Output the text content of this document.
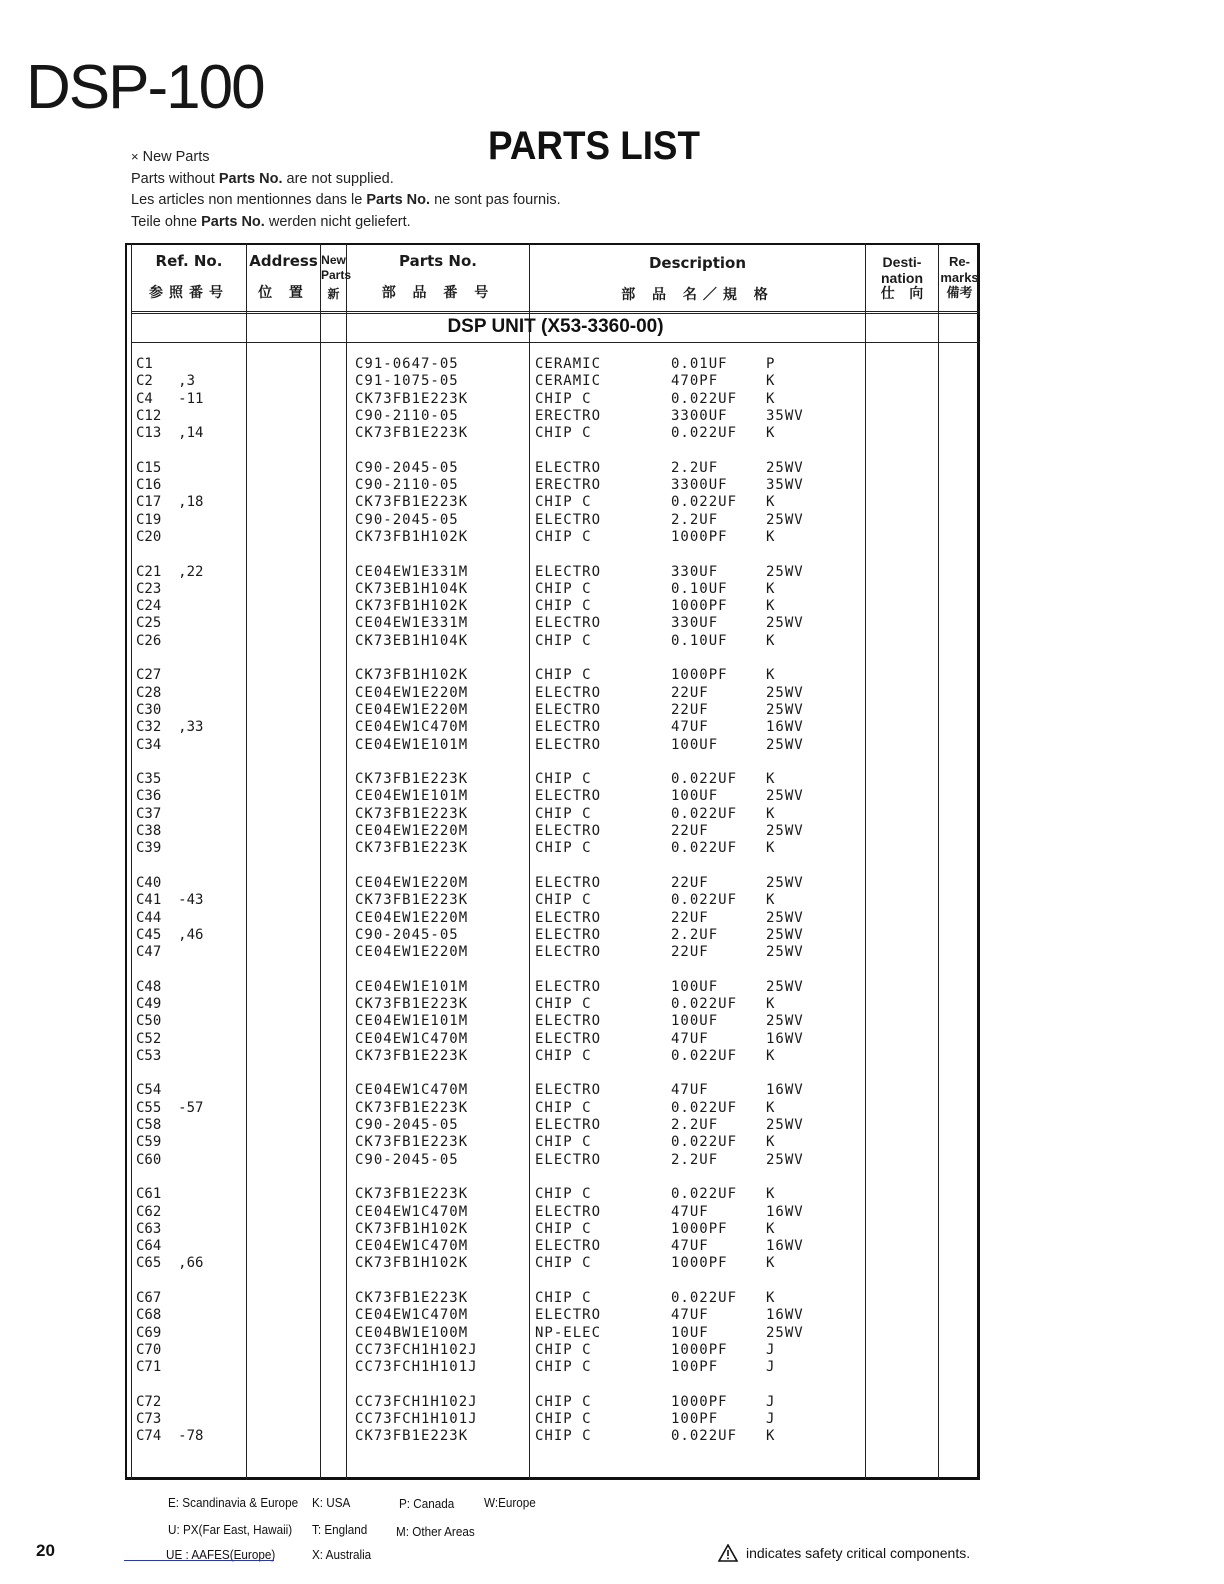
DSP-100
PARTS LIST
× New Parts
Parts without Parts No. are not supplied.
Les articles non mentionnes dans le Parts No. ne sont pas fournis.
Teile ohne Parts No. werden nicht geliefert.
Ref. No.
参照番号
Address
位 置
New
Parts
新
Parts No.
部 品 番 号
Description
部 品 名／規 格
Desti-
nation
仕   向
Re-
marks
備考
DSP UNIT (X53-3360-00)
C1	C91-0647-05	CERAMIC	0.01UF	P
C2   ,3	C91-1075-05	CERAMIC	470PF	K
C4   -11	CK73FB1E223K	CHIP C	0.022UF K
C12	C90-2110-05	ERECTRO	3300UF	35WV
C13  ,14	CK73FB1E223K	CHIP C	0.022UF K
C15	C90-2045-05	ELECTRO	2.2UF	25WV
C16	C90-2110-05	ERECTRO	3300UF	35WV
C17  ,18	CK73FB1E223K	CHIP C	0.022UF K
C19	C90-2045-05	ELECTRO	2.2UF	25WV
C20	CK73FB1H102K	CHIP C	1000PF	K
C21  ,22	CE04EW1E331M	ELECTRO	330UF	25WV
C23	CK73EB1H104K	CHIP C	0.10UF	K
C24	CK73FB1H102K	CHIP C	1000PF	K
C25	CE04EW1E331M	ELECTRO	330UF	25WV
C26	CK73EB1H104K	CHIP C	0.10UF	K
C27	CK73FB1H102K	CHIP C	1000PF	K
C28	CE04EW1E220M	ELECTRO	22UF	25WV
C30	CE04EW1E220M	ELECTRO	22UF	25WV
C32  ,33	CE04EW1C470M	ELECTRO	47UF	16WV
C34	CE04EW1E101M	ELECTRO	100UF	25WV
C35	CK73FB1E223K	CHIP C	0.022UF K
C36	CE04EW1E101M	ELECTRO	100UF	25WV
C37	CK73FB1E223K	CHIP C	0.022UF K
C38	CE04EW1E220M	ELECTRO	22UF	25WV
C39	CK73FB1E223K	CHIP C	0.022UF K
C40	CE04EW1E220M	ELECTRO	22UF	25WV
C41  -43	CK73FB1E223K	CHIP C	0.022UF K
C44	CE04EW1E220M	ELECTRO	22UF	25WV
C45  ,46	C90-2045-05	ELECTRO	2.2UF	25WV
C47	CE04EW1E220M	ELECTRO	22UF	25WV
C48	CE04EW1E101M	ELECTRO	100UF	25WV
C49	CK73FB1E223K	CHIP C	0.022UF K
C50	CE04EW1E101M	ELECTRO	100UF	25WV
C52	CE04EW1C470M	ELECTRO	47UF	16WV
C53	CK73FB1E223K	CHIP C	0.022UF K
C54	CE04EW1C470M	ELECTRO	47UF	16WV
C55  -57	CK73FB1E223K	CHIP C	0.022UF K
C58	C90-2045-05	ELECTRO	2.2UF	25WV
C59	CK73FB1E223K	CHIP C	0.022UF K
C60	C90-2045-05	ELECTRO	2.2UF	25WV
C61	CK73FB1E223K	CHIP C	0.022UF K
C62	CE04EW1C470M	ELECTRO	47UF	16WV
C63	CK73FB1H102K	CHIP C	1000PF	K
C64	CE04EW1C470M	ELECTRO	47UF	16WV
C65  ,66	CK73FB1H102K	CHIP C	1000PF	K
C67	CK73FB1E223K	CHIP C	0.022UF K
C68	CE04EW1C470M	ELECTRO	47UF	16WV
C69	CE04BW1E100M	NP-ELEC	10UF	25WV
C70	CC73FCH1H102J	CHIP C	1000PF	J
C71	CC73FCH1H101J	CHIP C	100PF	J
C72	CC73FCH1H102J	CHIP C	1000PF	J
C73	CC73FCH1H101J	CHIP C	100PF	J
C74  -78	CK73FB1E223K	CHIP C	0.022UF K
E: Scandinavia & Europe K: USA	P: Canada W:Europe
U: PX(Far East, Hawaii) T: England M: Other Areas
UE : AAFES(Europe)	X: Australia
20	indicates safety critical components.
